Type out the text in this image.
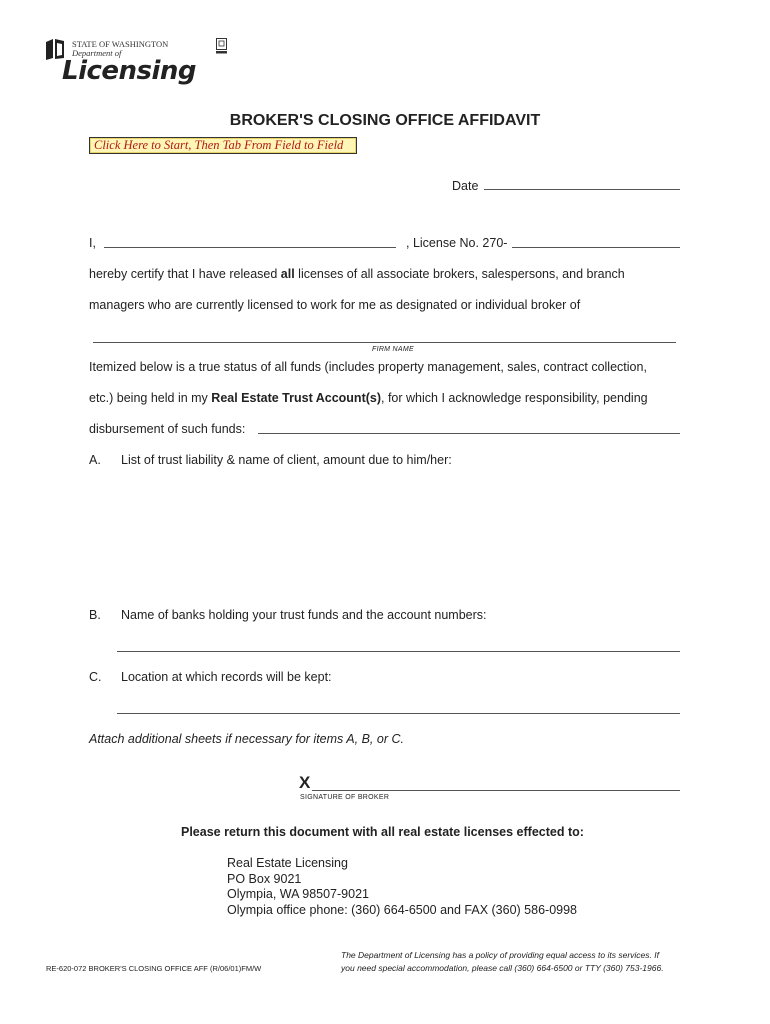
STATE OF WASHINGTON
Department of
Licensing
BROKER'S CLOSING OFFICE AFFIDAVIT
Click Here to Start, Then Tab From Field to Field
Date
I,	, License No. 270-
hereby certify that I have released all licenses of all associate brokers, salespersons, and branch
managers who are currently licensed to work for me as designated or individual broker of
FIRM NAME
Itemized below is a true status of all funds (includes property management, sales, contract collection,
etc.) being held in my Real Estate Trust Account(s), for which I acknowledge responsibility, pending
disbursement of such funds:
A. List of trust liability & name of client, amount due to him/her:
B. Name of banks holding your trust funds and the account numbers:
C. Location at which records will be kept:
Attach additional sheets if necessary for items A, B, or C.
X
SIGNATURE OF BROKER
Please return this document with all real estate licenses effected to:
Real Estate Licensing
PO Box 9021
Olympia, WA 98507-9021
Olympia office phone: (360) 664-6500 and FAX (360) 586-0998
RE-620-072 BROKER'S CLOSING OFFICE AFF (R/06/01)FM/W
The Department of Licensing has a policy of providing equal access to its services. If
you need special accommodation, please call (360) 664-6500 or TTY (360) 753-1966.
